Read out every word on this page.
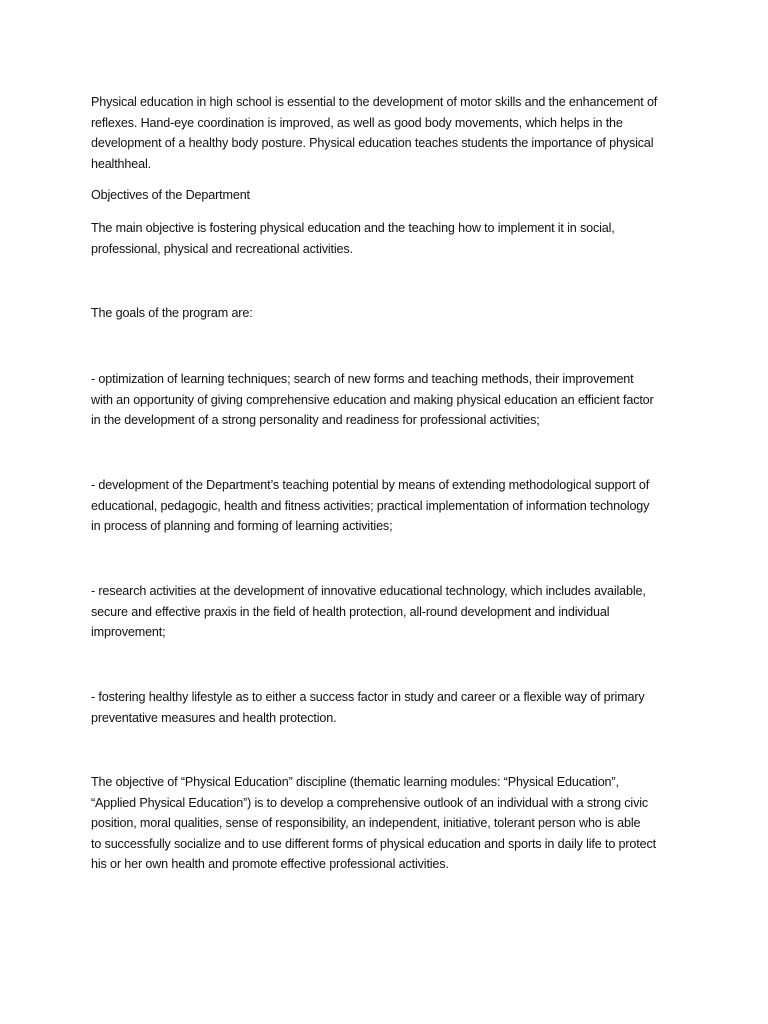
Physical education in high school is essential to the development of motor skills and the enhancement of
reflexes. Hand-eye coordination is improved, as well as good body movements, which helps in the
development of a healthy body posture. Physical education teaches students the importance of physical
healthheal.

Objectives of the Department

The main objective is fostering physical education and the teaching how to implement it in social,
professional, physical and recreational activities.

The goals of the program are:

- optimization of learning techniques; search of new forms and teaching methods, their improvement
with an opportunity of giving comprehensive education and making physical education an efficient factor
in the development of a strong personality and readiness for professional activities;

- development of the Department’s teaching potential by means of extending methodological support of
educational, pedagogic, health and fitness activities; practical implementation of information technology
in process of planning and forming of learning activities;

- research activities at the development of innovative educational technology, which includes available,
secure and effective praxis in the field of health protection, all-round development and individual
improvement;

- fostering healthy lifestyle as to either a success factor in study and career or a flexible way of primary
preventative measures and health protection.

The objective of “Physical Education” discipline (thematic learning modules: “Physical Education”,
“Applied Physical Education”) is to develop a comprehensive outlook of an individual with a strong civic
position, moral qualities, sense of responsibility, an independent, initiative, tolerant person who is able
to successfully socialize and to use different forms of physical education and sports in daily life to protect
his or her own health and promote effective professional activities.
